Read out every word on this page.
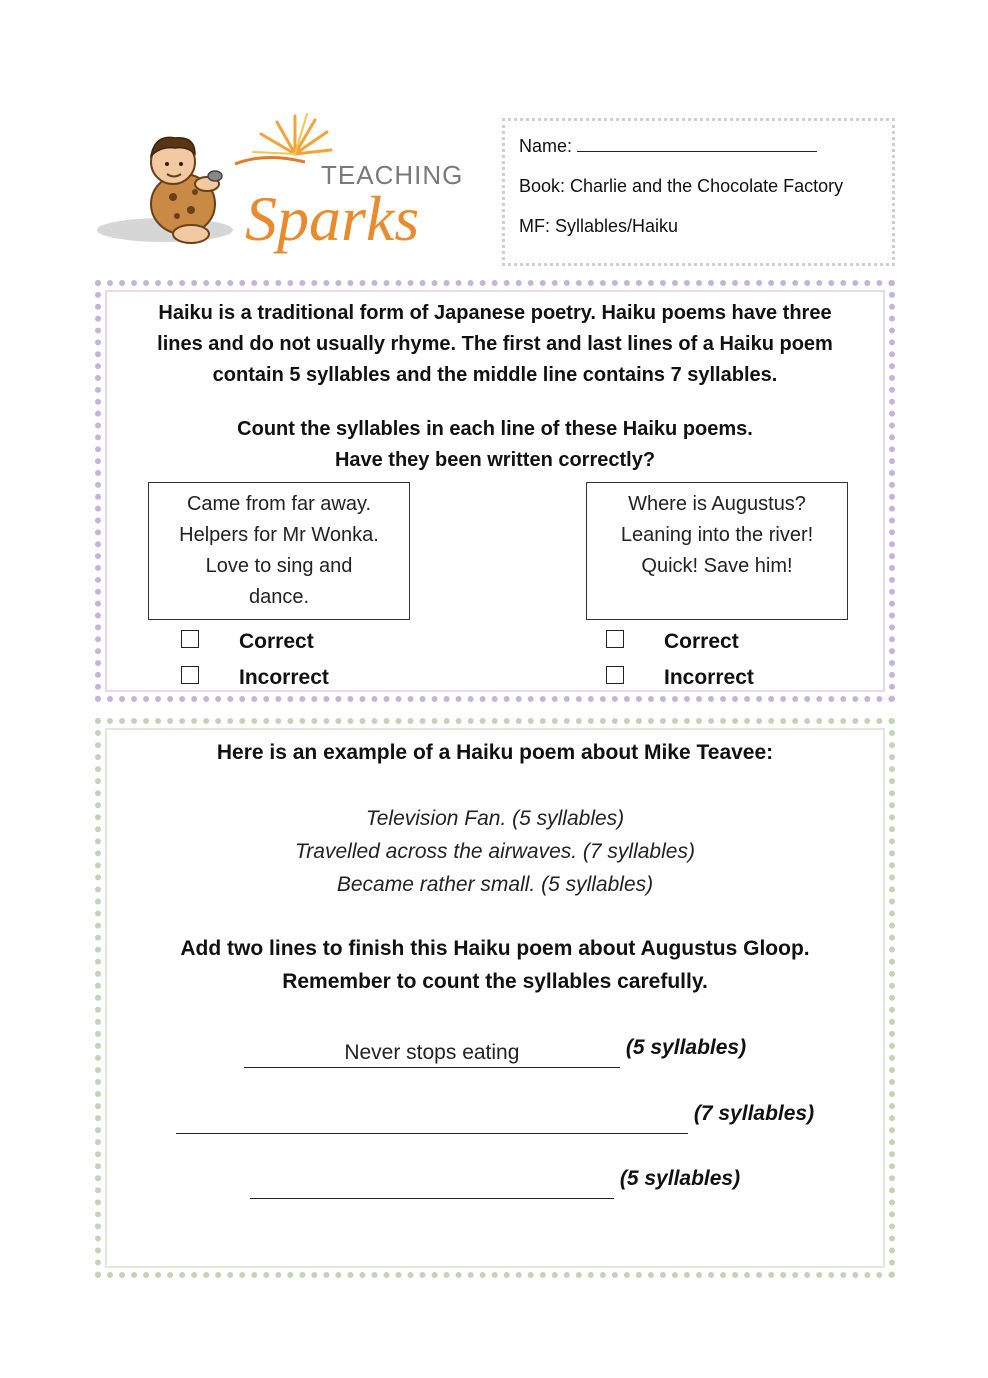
TEACHING
Sparks
Name:
Book: Charlie and the Chocolate Factory
MF: Syllables/Haiku
Haiku is a traditional form of Japanese poetry. Haiku poems have three
lines and do not usually rhyme. The first and last lines of a Haiku poem
contain 5 syllables and the middle line contains 7 syllables.
Count the syllables in each line of these Haiku poems.
Have they been written correctly?
Came from far away.
Helpers for Mr Wonka.
Love to sing and
dance.
Where is Augustus?
Leaning into the river!
Quick! Save him!
Correct
Incorrect
Correct
Incorrect
Here is an example of a Haiku poem about Mike Teavee:
Television Fan. (5 syllables)
Travelled across the airwaves. (7 syllables)
Became rather small. (5 syllables)
Add two lines to finish this Haiku poem about Augustus Gloop.
Remember to count the syllables carefully.
Never stops eating	(5 syllables)
(7 syllables)
(5 syllables)
